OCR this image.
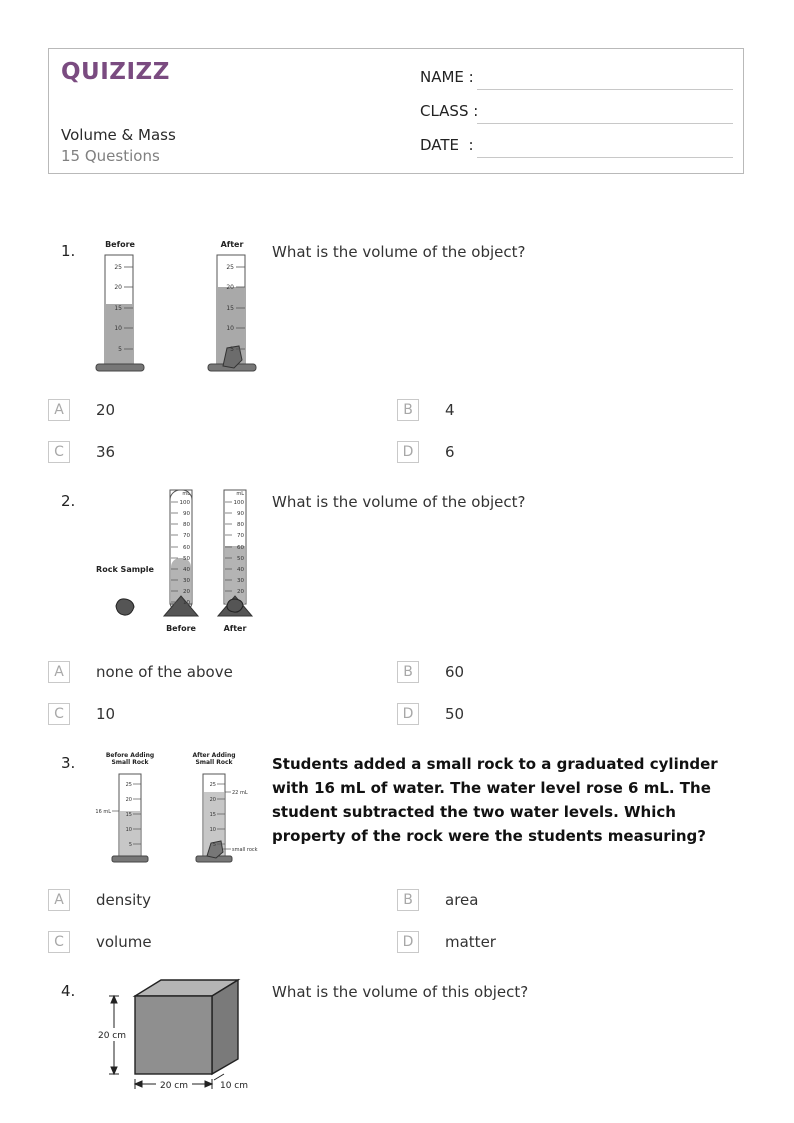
QUIZIZZ
Volume & Mass
15 Questions
NAME :
CLASS :
DATE  :
1.	What is the volume of the object?
Before	After
25
20
15
10
5
25
20
15
10
5
A	20	B	4
C	36	D	6
2.	What is the volume of the object?
Rock Sample
mL
100
90
80
70
60
50
40
30
20
10
Before
mL
100
90
80
70
60
50
40
30
20
After
A	none of the above	B	60
C	10	D	50
3.	Students added a small rock to a graduated cylinder with 16 mL of water. The water level rose 6 mL. The student subtracted the two water levels. Which property of the rock were the students measuring?
Before Adding
Small Rock
After Adding
Small Rock
25
20
15
10
5
16 mL
25
20
15
10
5
22 mL
small rock
A	density	B	area
C	volume	D	matter
4.	What is the volume of this object?
20 cm
20 cm	10 cm
